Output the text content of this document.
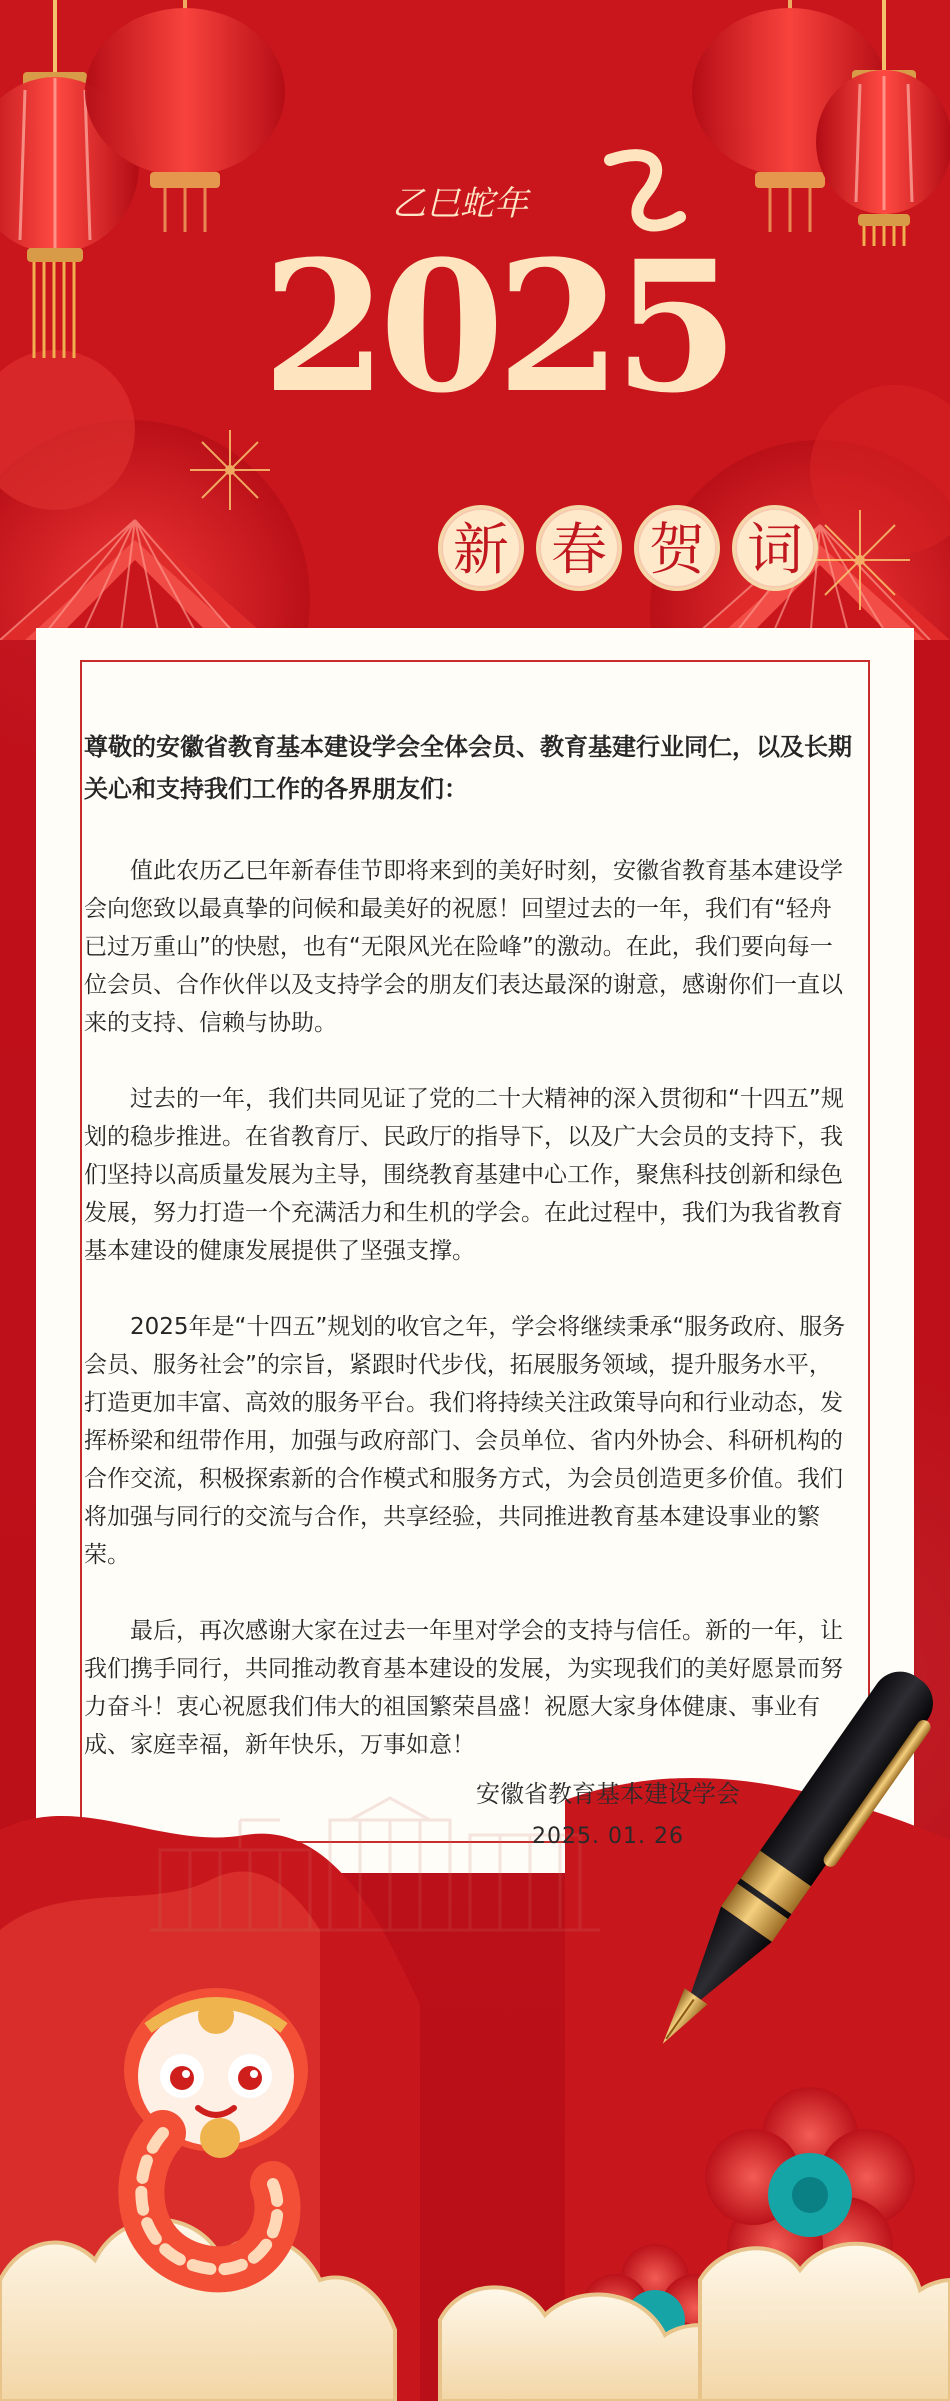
乙巳蛇年
2025
新 春 贺 词

尊敬的安徽省教育基本建设学会全体会员、教育基建行业同仁，以及长期关心和支持我们工作的各界朋友们：

值此农历乙巳年新春佳节即将来到的美好时刻，安徽省教育基本建设学会向您致以最真挚的问候和最美好的祝愿！回望过去的一年，我们有“轻舟已过万重山”的快慰，也有“无限风光在险峰”的激动。在此，我们要向每一位会员、合作伙伴以及支持学会的朋友们表达最深的谢意，感谢你们一直以来的支持、信赖与协助。

过去的一年，我们共同见证了党的二十大精神的深入贯彻和“十四五”规划的稳步推进。在省教育厅、民政厅的指导下，以及广大会员的支持下，我们坚持以高质量发展为主导，围绕教育基建中心工作，聚焦科技创新和绿色发展，努力打造一个充满活力和生机的学会。在此过程中，我们为我省教育基本建设的健康发展提供了坚强支撑。

2025年是“十四五”规划的收官之年，学会将继续秉承“服务政府、服务会员、服务社会”的宗旨，紧跟时代步伐，拓展服务领域，提升服务水平，打造更加丰富、高效的服务平台。我们将持续关注政策导向和行业动态，发挥桥梁和纽带作用，加强与政府部门、会员单位、省内外协会、科研机构的合作交流，积极探索新的合作模式和服务方式，为会员创造更多价值。我们将加强与同行的交流与合作，共享经验，共同推进教育基本建设事业的繁荣。

最后，再次感谢大家在过去一年里对学会的支持与信任。新的一年，让我们携手同行，共同推动教育基本建设的发展，为实现我们的美好愿景而努力奋斗！衷心祝愿我们伟大的祖国繁荣昌盛！祝愿大家身体健康、事业有成、家庭幸福，新年快乐，万事如意！

安徽省教育基本建设学会
2025. 01. 26
